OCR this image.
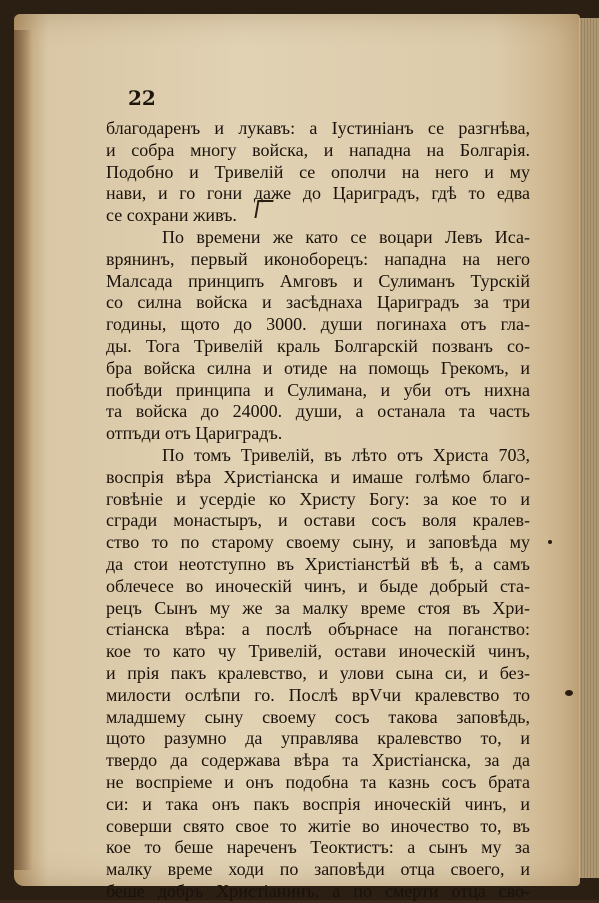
22
благодаренъ и лукавъ: а Іустиніанъ се разгнѣва,
и собра многу войска, и нападна на Болгарія.
Подобно и Тривелій се ополчи на него и му
нави, и го гони даже до Цариградъ, гдѣ то едва
се сохрани живъ.
По времени же като се воцари Левъ Иса-
врянинъ, первый иконоборецъ: нападна на него
Малсада принципъ Амговъ и Сулиманъ Турскій
со силна войска и засѣднаха Цариградъ за три
годины, щото до 3000. души погинаха отъ гла-
ды. Тога Тривелій краль Болгарскій позванъ со-
бра войска силна и отиде на помощь Грекомъ, и
побѣди принципа и Сулимана, и уби отъ нихна
та войска до 24000. души, а останала та часть
отпъди отъ Цариградъ.
По томъ Тривелій, въ лѣто отъ Христа 703,
воспрія вѣра Христіанска и имаше голѣмо благо-
говѣніе и усердіе ко Христу Богу: за кое то и
сгради монастыръ, и остави сосъ воля кралев-
ство то по старому своему сыну, и заповѣда му
да стои неотступно въ Христіанстѣй вѣ ѣ, а самъ
облечесе во иноческій чинъ, и быде добрый ста-
рецъ Сынъ му же за малку време стоя въ Хри-
стіанска вѣра: а послѣ обърнасе на поганство:
кое то като чу Тривелій, остави иноческій чинъ,
и прія пакъ кралевство, и улови сына си, и без-
милости ослѣпи го. Послѣ врVчи кралевство то
младшему сыну своему сосъ такова заповѣдь,
щото разумно да управлява кралевство то, и
твердо да содержава вѣра та Христіанска, за да
не воспріеме и онъ подобна та казнь сосъ брата
си: и така онъ пакъ воспрія иноческій чинъ, и
соверши свято свое то житіе во иночество то, въ
кое то беше нареченъ Теоктистъ: а сынъ му за
малку време ходи по заповѣди отца своего, и
беше добръ Христіанинъ, а по смерти отца сво-
